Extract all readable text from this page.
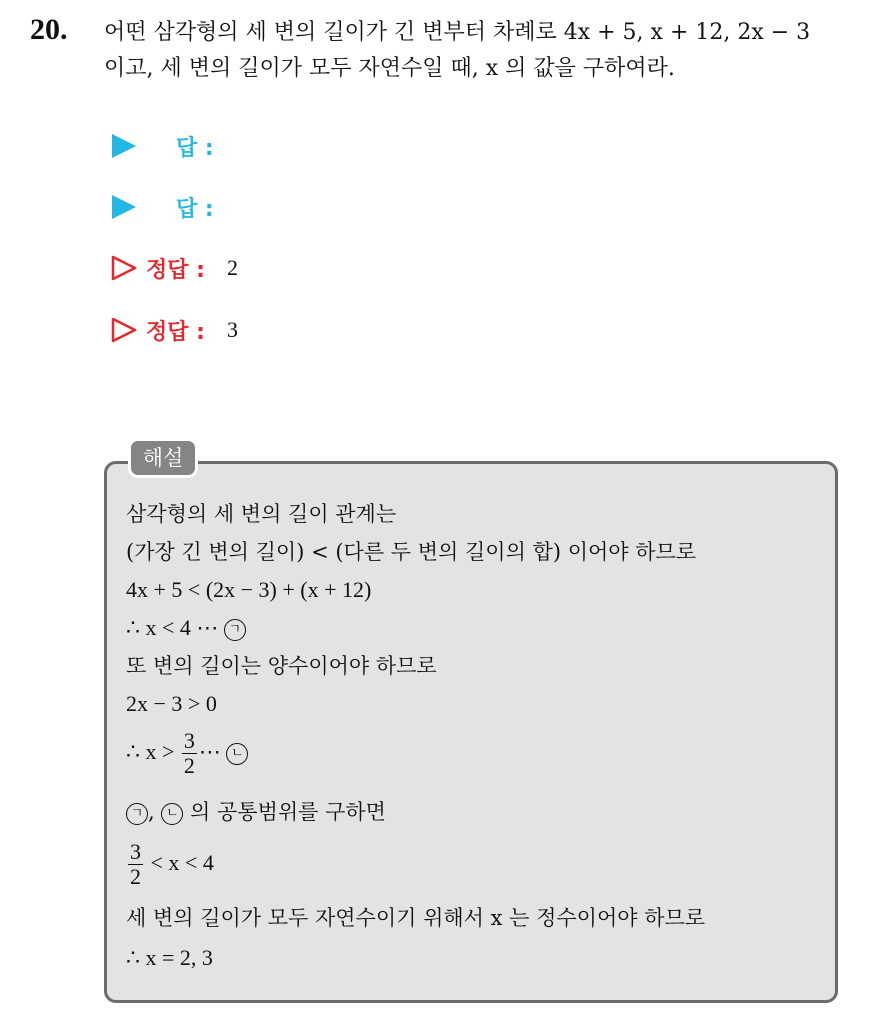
20. 어떤 삼각형의 세 변의 길이가 긴 변부터 차례로 4x + 5, x + 12, 2x − 3
이고, 세 변의 길이가 모두 자연수일 때, x 의 값을 구하여라.
답 :
답 :
정답 : 2
정답 : 3
해설
삼각형의 세 변의 길이 관계는
(가장 긴 변의 길이) < (다른 두 변의 길이의 합) 이어야 하므로
4x + 5 < (2x − 3) + (x + 12)
∴ x < 4 ⋯ ㄱ
또 변의 길이는 양수이어야 하므로
2x − 3 > 0
∴ $x > \frac{3}{2}$ ⋯ ㄴ
ㄱ , ㄴ 의 공통범위를 구하면
$\frac{3}{2} < x < 4$
세 변의 길이가 모두 자연수이기 위해서 x 는 정수이어야 하므로
∴ x = 2, 3
